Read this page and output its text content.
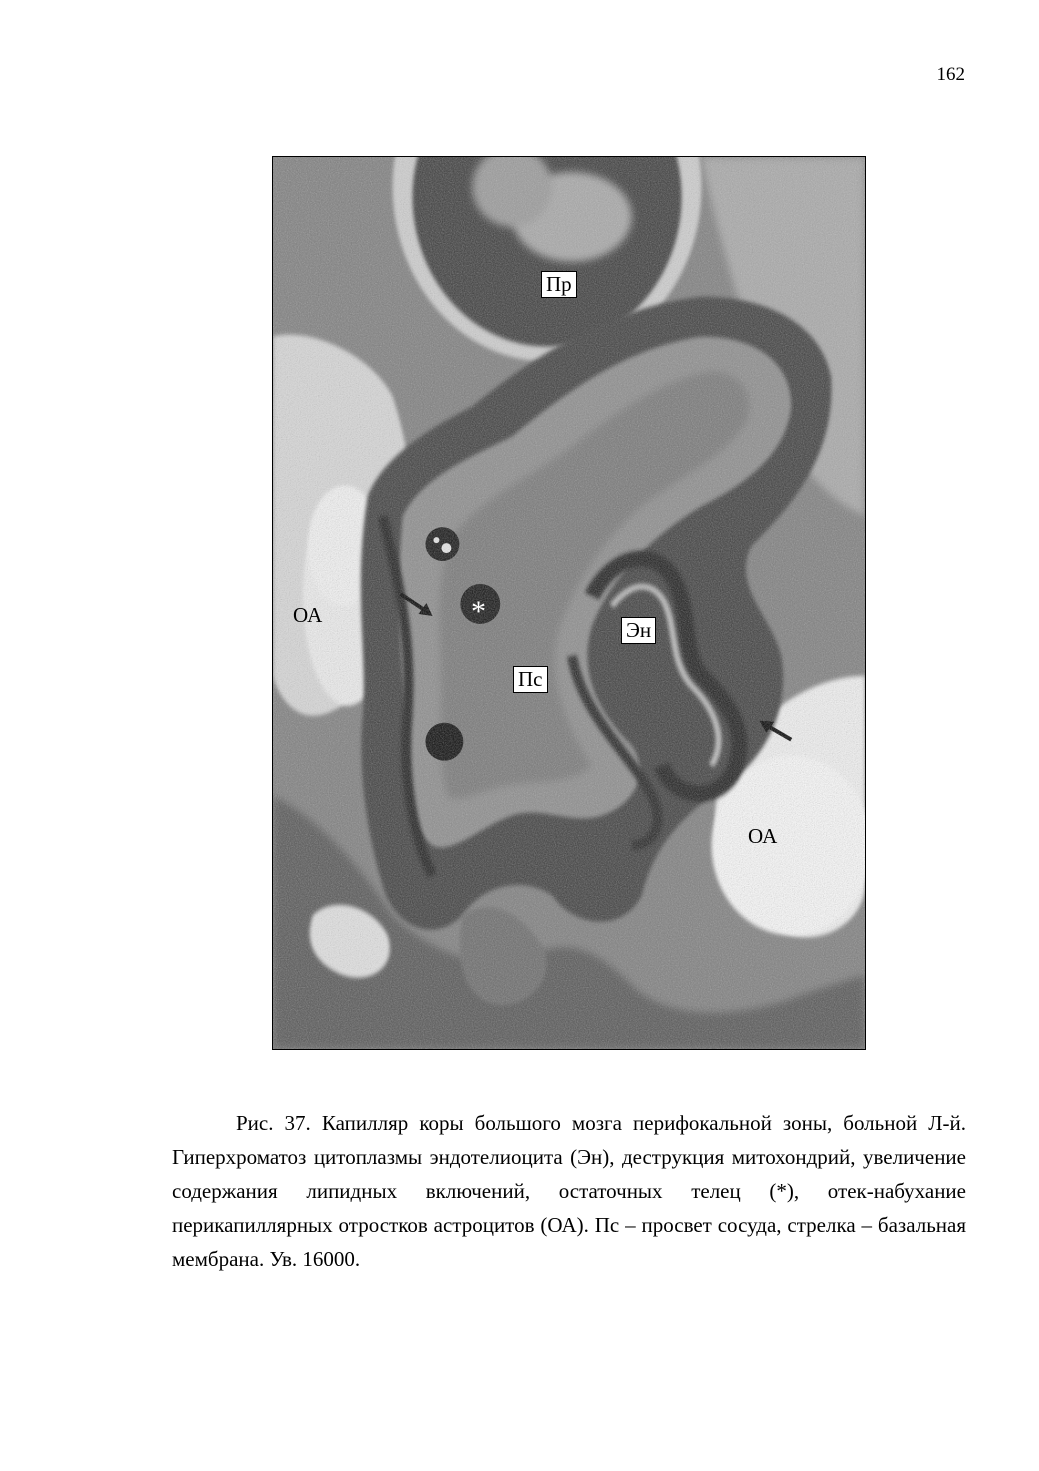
162
Пр
ОА
Эн
Пс
ОА
*

Рис. 37. Капилляр коры большого мозга перифокальной зоны, больной Л-й. Гиперхроматоз цитоплазмы эндотелиоцита (Эн), деструкция митохондрий, увеличение содержания липидных включений, остаточных телец (*), отек-набухание перикапиллярных отростков астроцитов (ОА). Пс – просвет сосуда, стрелка – базальная мембрана. Ув. 16000.
